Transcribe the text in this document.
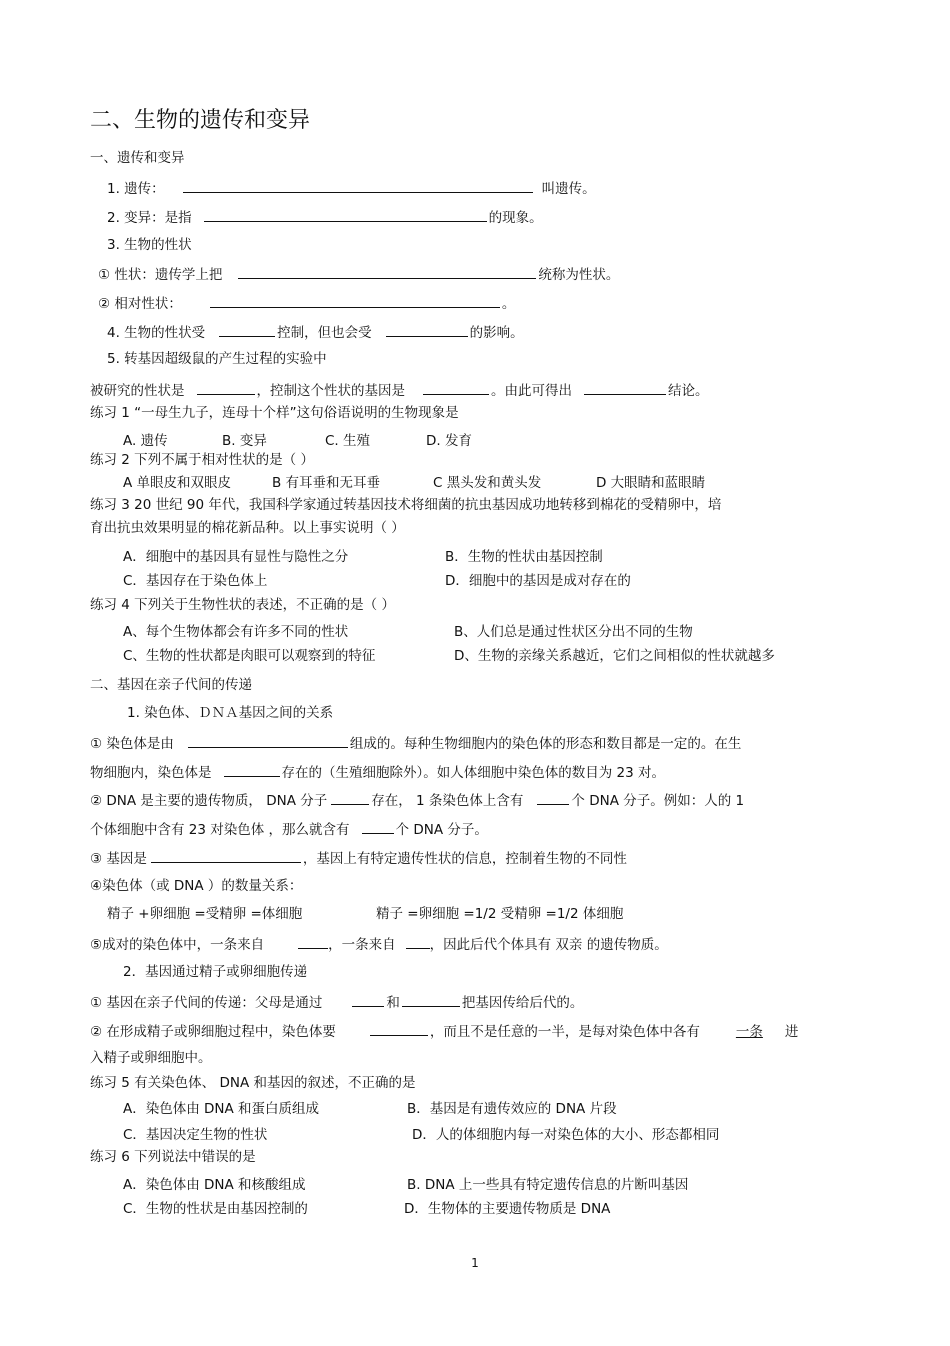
二、生物的遗传和变异
一、遗传和变异
1. 遗传：	叫遗传。
2. 变异：是指	的现象。
3. 生物的性状
① 性状：遗传学上把	统称为性状。
② 相对性状：	。
4. 生物的性状受	控制，但也会受	的影响。
5. 转基因超级鼠的产生过程的实验中
被研究的性状是	，控制这个性状的基因是	。由此可得出	结论。
练习 1 “一母生九子，连母十个样”这句俗语说明的生物现象是
A. 遗传	B. 变异	C. 生殖	D. 发育
练习 2 下列不属于相对性状的是（ ）
A 单眼皮和双眼皮	B 有耳垂和无耳垂	C 黑头发和黄头发	D 大眼睛和蓝眼睛
练习 3 20 世纪 90 年代，我国科学家通过转基因技术将细菌的抗虫基因成功地转移到棉花的受精卵中，培
育出抗虫效果明显的棉花新品种。以上事实说明（ ）
A．细胞中的基因具有显性与隐性之分	B．生物的性状由基因控制
C．基因存在于染色体上	D．细胞中的基因是成对存在的
练习 4 下列关于生物性状的表述，不正确的是（ ）
A、每个生物体都会有许多不同的性状	B、人们总是通过性状区分出不同的生物
C、生物的性状都是肉眼可以观察到的特征	D、生物的亲缘关系越近，它们之间相似的性状就越多
二、基因在亲子代间的传递
1. 染色体、ＤＮＡ基因之间的关系
① 染色体是由	组成的。每种生物细胞内的染色体的形态和数目都是一定的。在生
物细胞内，染色体是	存在的（生殖细胞除外）。如人体细胞中染色体的数目为 23 对。
② DNA 是主要的遗传物质， DNA 分子	存在， 1 条染色体上含有	个 DNA 分子。例如：人的 1
个体细胞中含有 23 对染色体 ，那么就含有	个 DNA 分子。
③ 基因是	，基因上有特定遗传性状的信息，控制着生物的不同性
④染色体（或 DNA ）的数量关系：
精子 +卵细胞 =受精卵 =体细胞	精子 =卵细胞 =1/2 受精卵 =1/2 体细胞
⑤成对的染色体中，一条来自	，一条来自	，因此后代个体具有 双亲 的遗传物质。
2．基因通过精子或卵细胞传递
① 基因在亲子代间的传递：父母是通过	和	把基因传给后代的。
② 在形成精子或卵细胞过程中，染色体要	，而且不是任意的一半，是每对染色体中各有	一条 进
入精子或卵细胞中。
练习 5 有关染色体、 DNA 和基因的叙述，不正确的是
A．染色体由 DNA 和蛋白质组成	B．基因是有遗传效应的 DNA 片段
C．基因决定生物的性状	D．人的体细胞内每一对染色体的大小、形态都相同
练习 6 下列说法中错误的是
A．染色体由 DNA 和核酸组成	B. DNA 上一些具有特定遗传信息的片断叫基因
C．生物的性状是由基因控制的	D．生物体的主要遗传物质是 DNA
1
